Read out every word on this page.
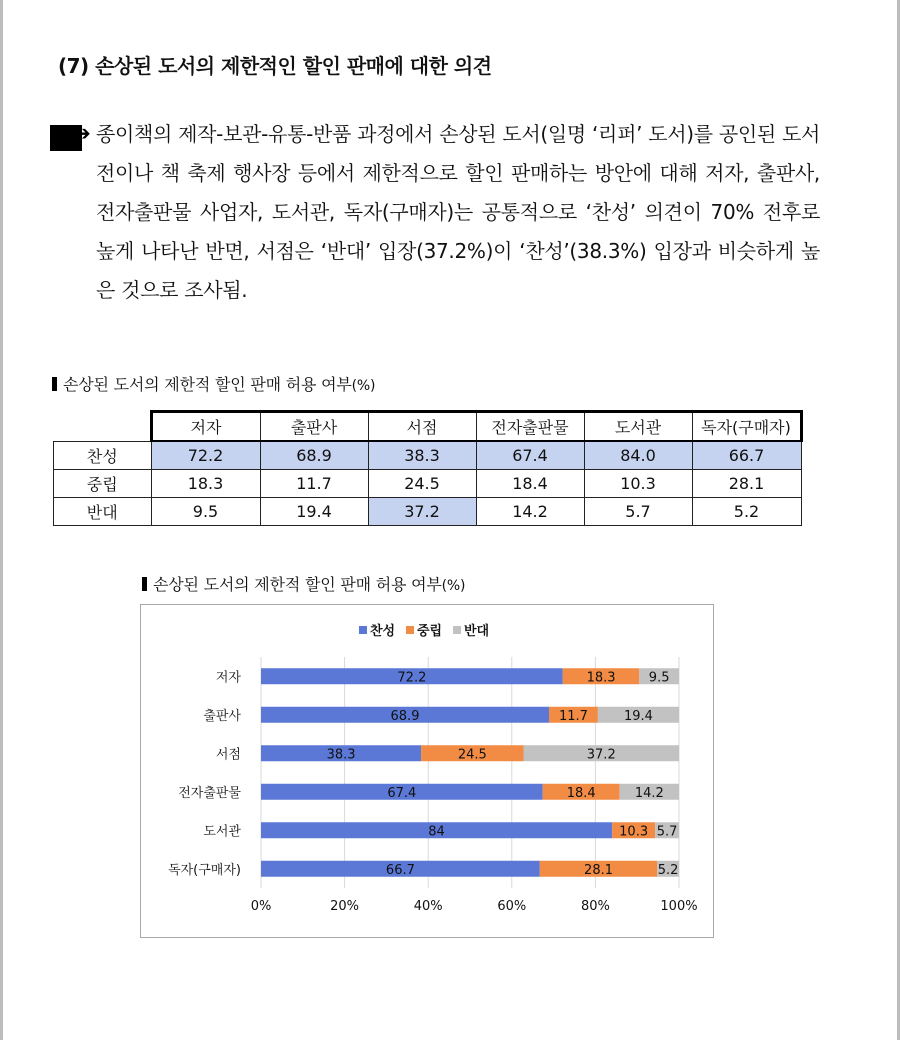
(7) 손상된 도서의 제한적인 할인 판매에 대한 의견
➔ 종이책의 제작-보관-유통-반품 과정에서 손상된 도서(일명 ‘리퍼’ 도서)를 공인된 도서전이나 책 축제 행사장 등에서 제한적으로 할인 판매하는 방안에 대해 저자, 출판사, 전자출판물 사업자, 도서관, 독자(구매자)는 공통적으로 ‘찬성’ 의견이 70% 전후로 높게 나타난 반면, 서점은 ‘반대’ 입장(37.2%)이 ‘찬성’(38.3%) 입장과 비슷하게 높은 것으로 조사됨.
손상된 도서의 제한적 할인 판매 허용 여부(%)
	저자	출판사	서점	전자출판물	도서관	독자(구매자)
찬성	72.2	68.9	38.3	67.4	84.0	66.7
중립	18.3	11.7	24.5	18.4	10.3	28.1
반대	9.5	19.4	37.2	14.2	5.7	5.2
손상된 도서의 제한적 할인 판매 허용 여부(%)
0%	20%	40%	60%	80%	100%
찬성 중립 반대
저자	72.2	18.3	9.5
출판사	68.9	11.7	19.4
서점	38.3	24.5	37.2
전자출판물	67.4	18.4	14.2
도서관	84	10.3 5.7
독자(구매자)	66.7	28.1	5.2
